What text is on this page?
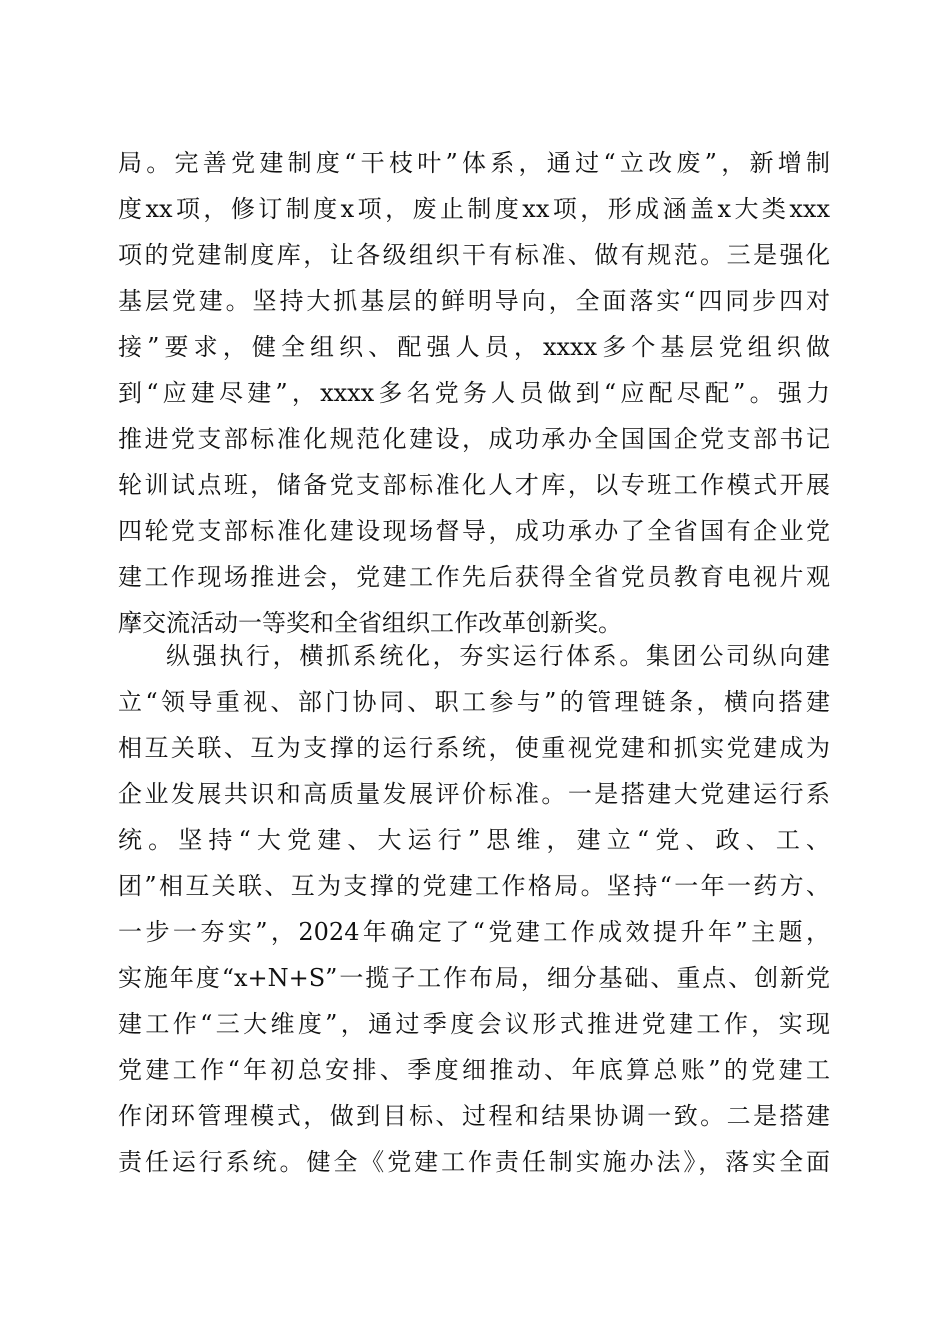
局。完善党建制度“干枝叶”体系，通过“立改废”，新增制
度xx项，修订制度x项，废止制度xx项，形成涵盖x大类xxx
项的党建制度库，让各级组织干有标准、做有规范。三是强化
基层党建。坚持大抓基层的鲜明导向，全面落实“四同步四对
接”要求，健全组织、配强人员，xxxx多个基层党组织做
到“应建尽建”，xxxx多名党务人员做到“应配尽配”。强力
推进党支部标准化规范化建设，成功承办全国国企党支部书记
轮训试点班，储备党支部标准化人才库，以专班工作模式开展
四轮党支部标准化建设现场督导，成功承办了全省国有企业党
建工作现场推进会，党建工作先后获得全省党员教育电视片观
摩交流活动一等奖和全省组织工作改革创新奖。
纵强执行，横抓系统化，夯实运行体系。集团公司纵向建
立“领导重视、部门协同、职工参与”的管理链条，横向搭建
相互关联、互为支撑的运行系统，使重视党建和抓实党建成为
企业发展共识和高质量发展评价标准。一是搭建大党建运行系
统。坚持“大党建、大运行”思维，建立“党、政、工、
团”相互关联、互为支撑的党建工作格局。坚持“一年一药方、
一步一夯实”，2024年确定了“党建工作成效提升年”主题，
实施年度“x+N+S”一揽子工作布局，细分基础、重点、创新党
建工作“三大维度”，通过季度会议形式推进党建工作，实现
党建工作“年初总安排、季度细推动、年底算总账”的党建工
作闭环管理模式，做到目标、过程和结果协调一致。二是搭建
责任运行系统。健全《党建工作责任制实施办法》，落实全面
